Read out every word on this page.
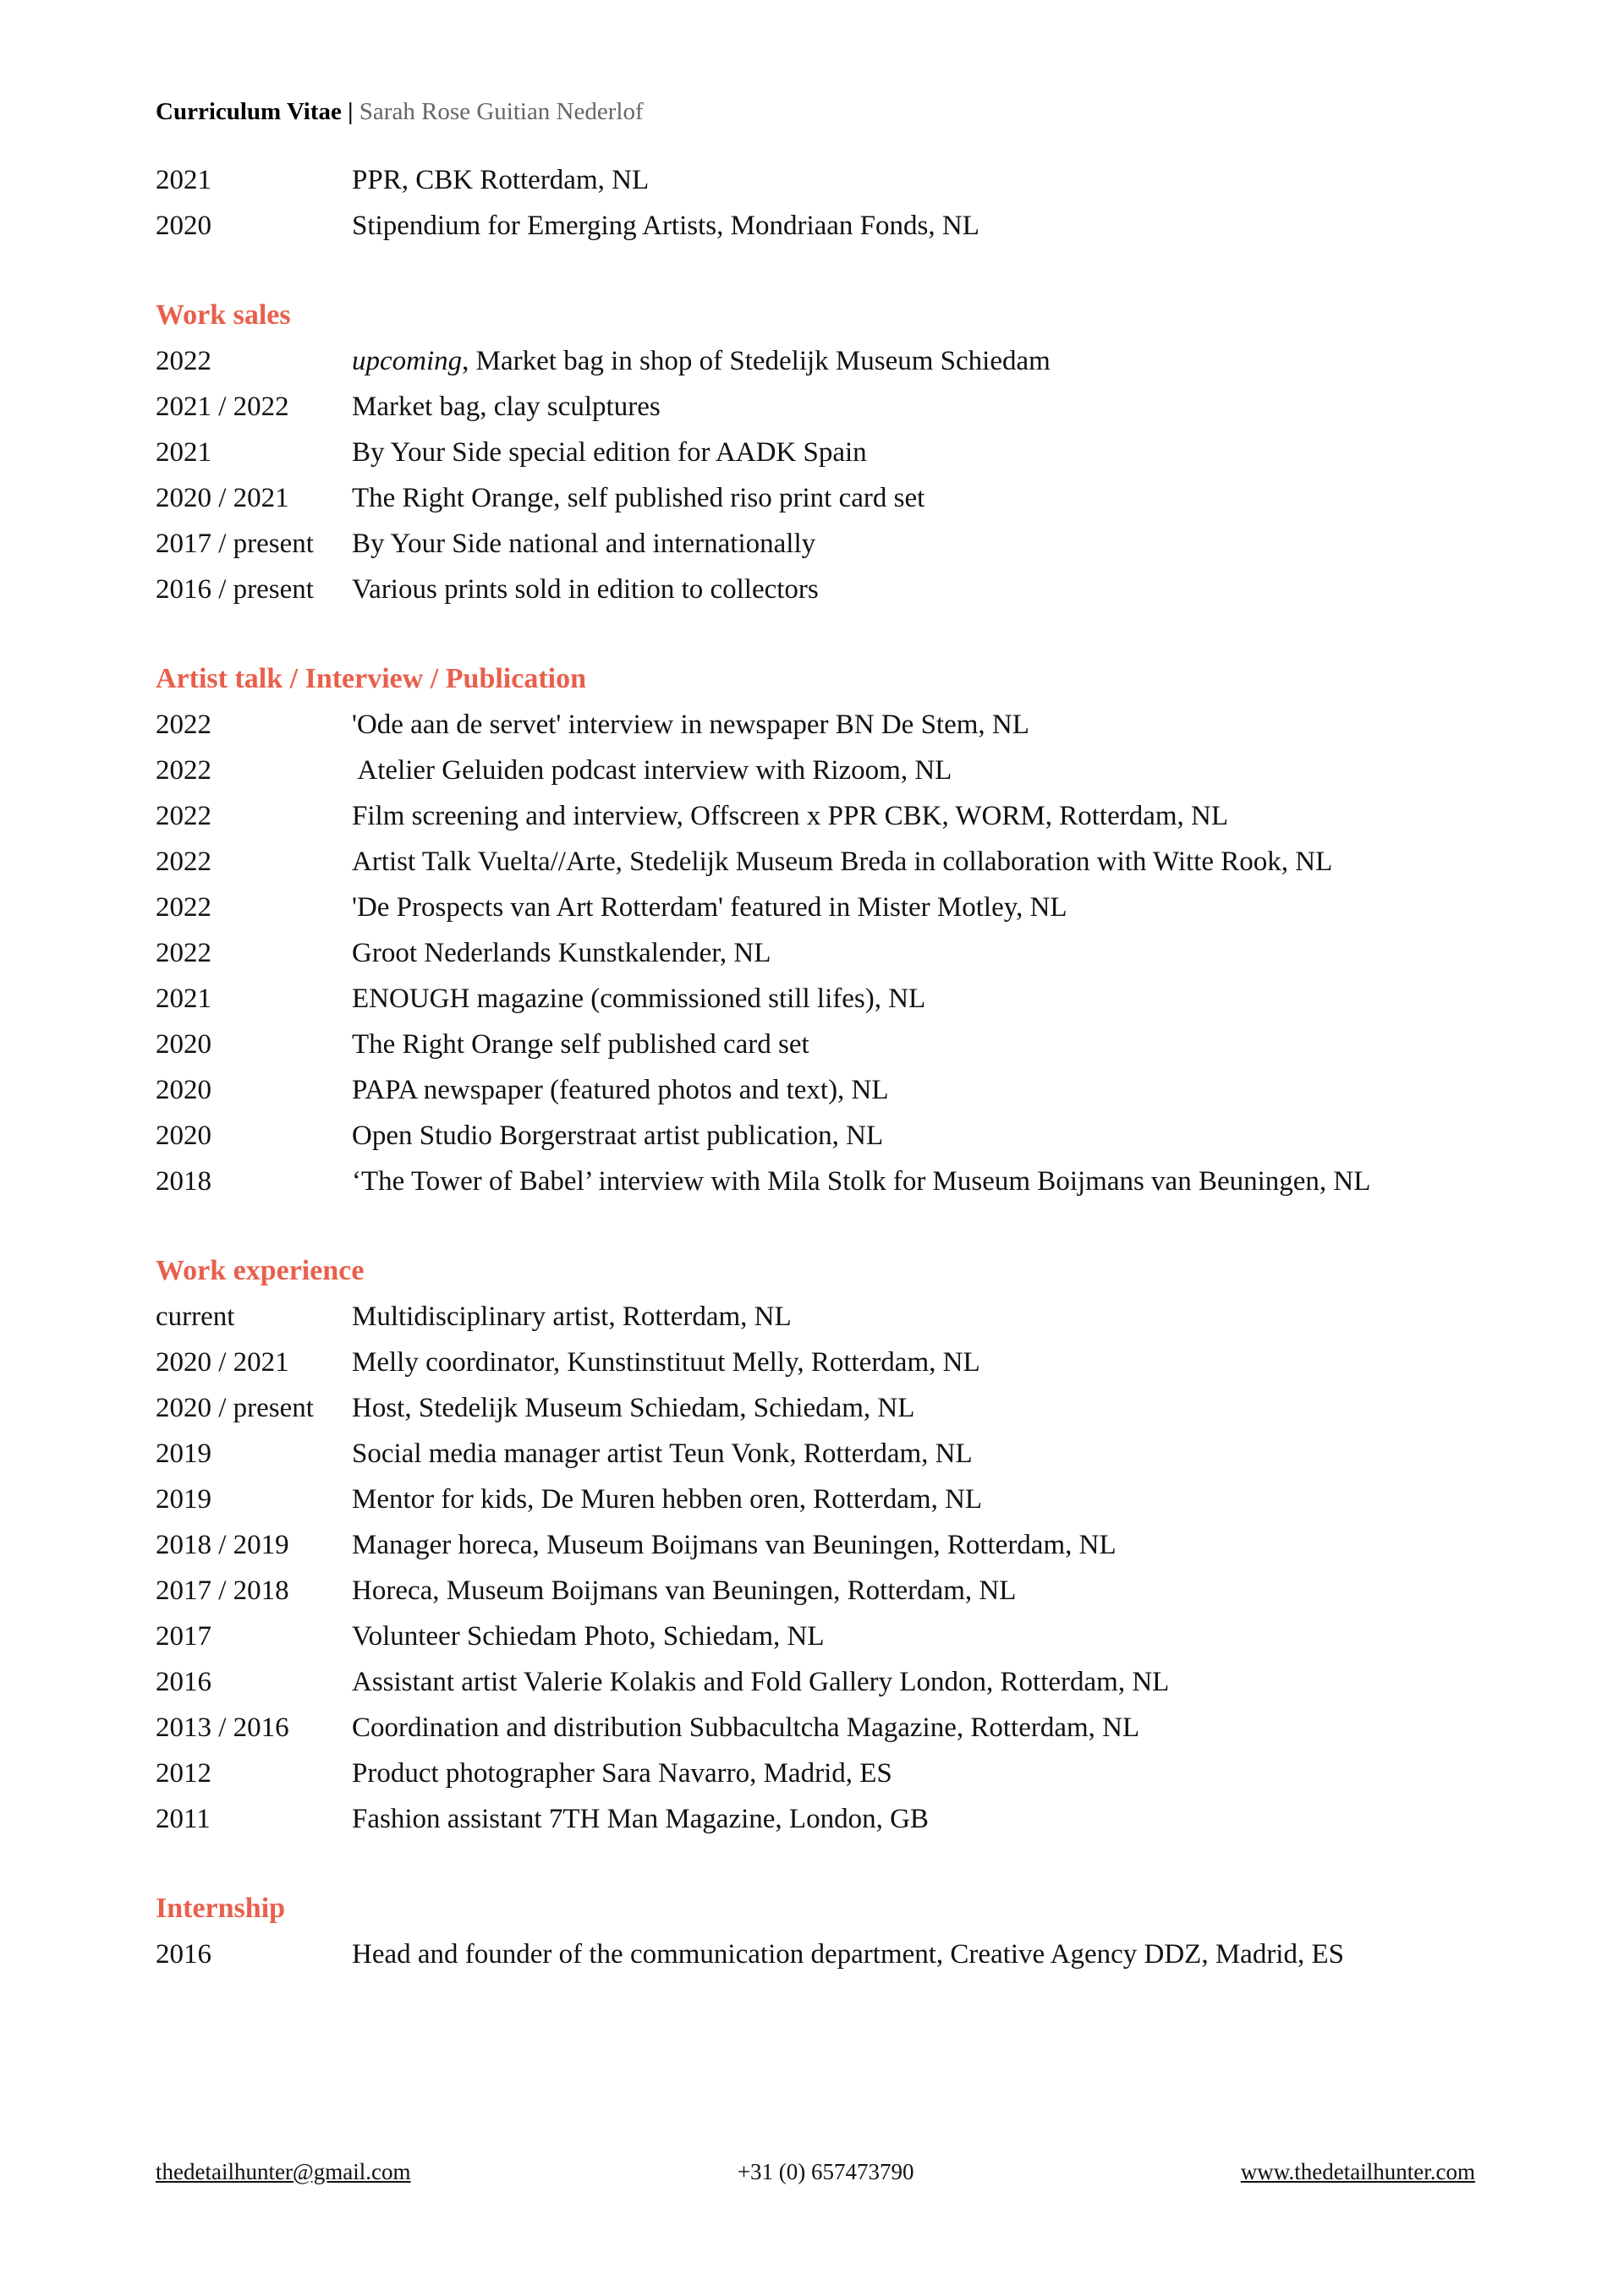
Curriculum Vitae | Sarah Rose Guitian Nederlof
2021	PPR, CBK Rotterdam, NL
2020	Stipendium for Emerging Artists, Mondriaan Fonds, NL
Work sales
2022	upcoming, Market bag in shop of Stedelijk Museum Schiedam
2021 / 2022	Market bag, clay sculptures
2021	By Your Side special edition for AADK Spain
2020 / 2021	The Right Orange, self published riso print card set
2017 / present	By Your Side national and internationally
2016 / present	Various prints sold in edition to collectors
Artist talk / Interview / Publication
2022	'Ode aan de servet' interview in newspaper BN De Stem, NL
2022	Atelier Geluiden podcast interview with Rizoom, NL
2022	Film screening and interview, Offscreen x PPR CBK, WORM, Rotterdam, NL
2022	Artist Talk Vuelta//Arte, Stedelijk Museum Breda in collaboration with Witte Rook, NL
2022	'De Prospects van Art Rotterdam' featured in Mister Motley, NL
2022	Groot Nederlands Kunstkalender, NL
2021	ENOUGH magazine (commissioned still lifes), NL
2020	The Right Orange self published card set
2020	PAPA newspaper (featured photos and text), NL
2020	Open Studio Borgerstraat artist publication, NL
2018	‘The Tower of Babel’ interview with Mila Stolk for Museum Boijmans van Beuningen, NL
Work experience
current	Multidisciplinary artist, Rotterdam, NL
2020 / 2021	Melly coordinator, Kunstinstituut Melly, Rotterdam, NL
2020 / present	Host, Stedelijk Museum Schiedam, Schiedam, NL
2019	Social media manager artist Teun Vonk, Rotterdam, NL
2019	Mentor for kids, De Muren hebben oren, Rotterdam, NL
2018 / 2019	Manager horeca, Museum Boijmans van Beuningen, Rotterdam, NL
2017 / 2018	Horeca, Museum Boijmans van Beuningen, Rotterdam, NL
2017	Volunteer Schiedam Photo, Schiedam, NL
2016	Assistant artist Valerie Kolakis and Fold Gallery London, Rotterdam, NL
2013 / 2016	Coordination and distribution Subbacultcha Magazine, Rotterdam, NL
2012	Product photographer Sara Navarro, Madrid, ES
2011	Fashion assistant 7TH Man Magazine, London, GB
Internship
2016	Head and founder of the communication department, Creative Agency DDZ, Madrid, ES
thedetailhunter@gmail.com	+31 (0) 657473790	www.thedetailhunter.com
